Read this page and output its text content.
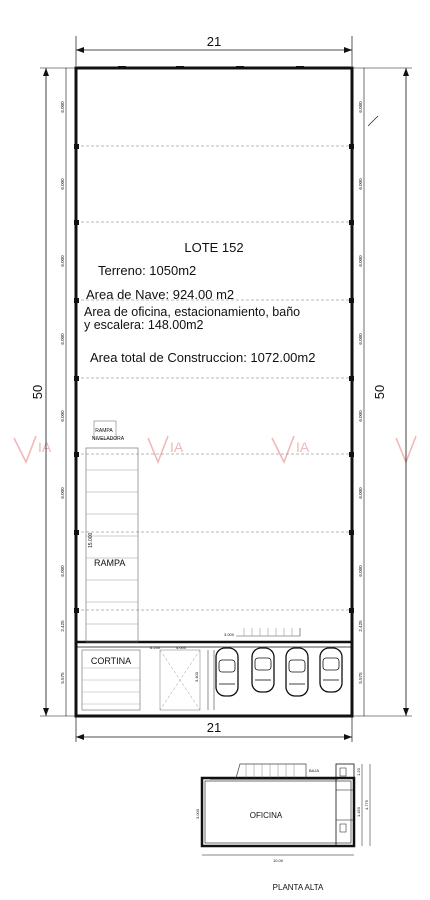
IA	IA	IA
21
21
50	50
LOTE 152
Terreno: 1050m2
Area de Nave: 924.00 m2
Area de oficina, estacionamiento, baño
y escalera: 148.00m2
Area total de Construccion: 1072.00m2
RAMPA
NIVELADORA
RAMPA
15.000
CORTINA
6.250	4.000
3.000
3.400
6.000
6.000
6.000
6.000
6.000
6.000
6.000
2.425
5.575
6.000
6.000
6.000
6.000
6.000
6.000
6.000
2.425
5.575
OFICINA
BAJA
10.00
3.000	1.450
4.775
1.20
PLANTA ALTA
